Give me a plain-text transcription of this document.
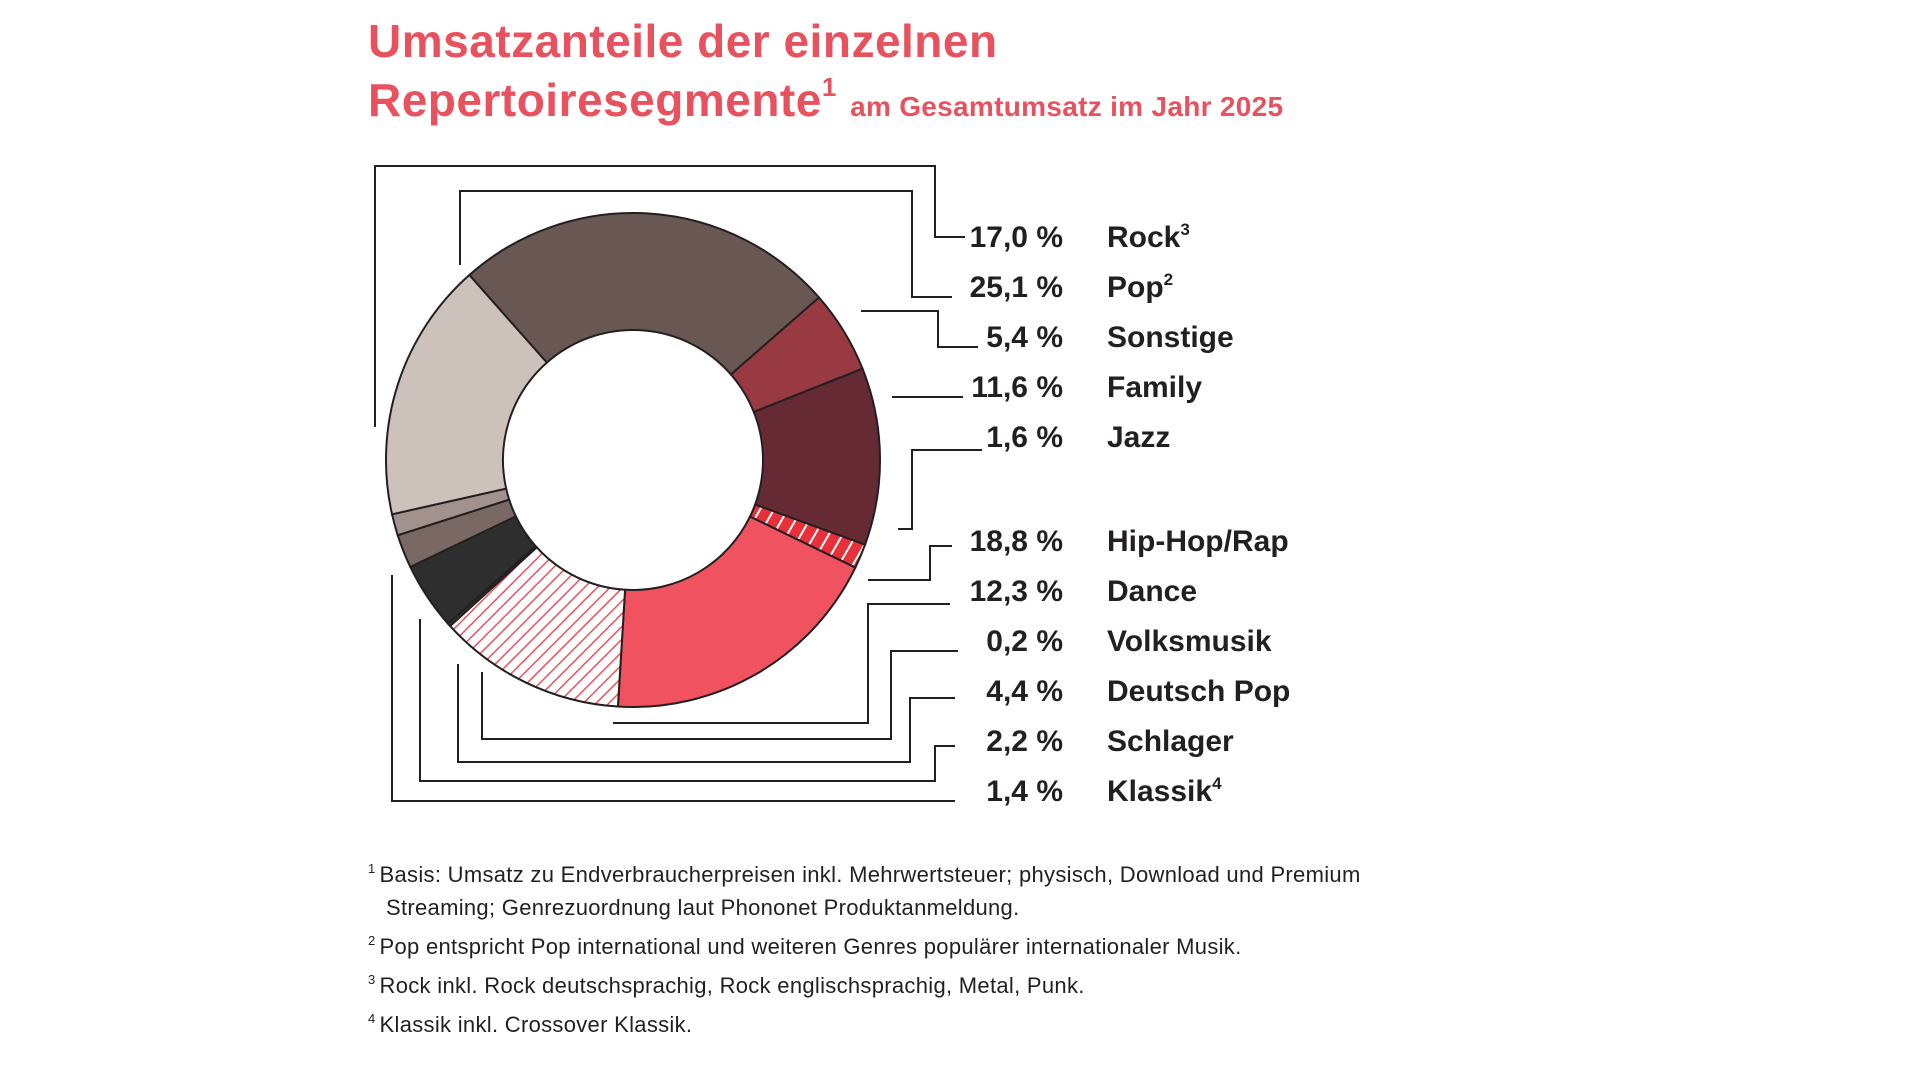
Umsatzanteile der einzelnen
Repertoiresegmente$^1$ am Gesamtumsatz im Jahr 2025
17,0 % Rock$^3$
25,1 % Pop$^2$
5,4 % Sonstige
11,6 % Family
1,6 % Jazz
18,8 % Hip-Hop/Rap
12,3 % Dance
0,2 % Volksmusik
4,4 % Deutsch Pop
2,2 % Schlager
1,4 % Klassik$^4$
$^1$ Basis: Umsatz zu Endverbraucherpreisen inkl. Mehrwertsteuer; physisch, Download und Premium
Streaming; Genrezuordnung laut Phononet Produktanmeldung.
$^2$ Pop entspricht Pop international und weiteren Genres populärer internationaler Musik.
$^3$ Rock inkl. Rock deutschsprachig, Rock englischsprachig, Metal, Punk.
$^4$ Klassik inkl. Crossover Klassik.
